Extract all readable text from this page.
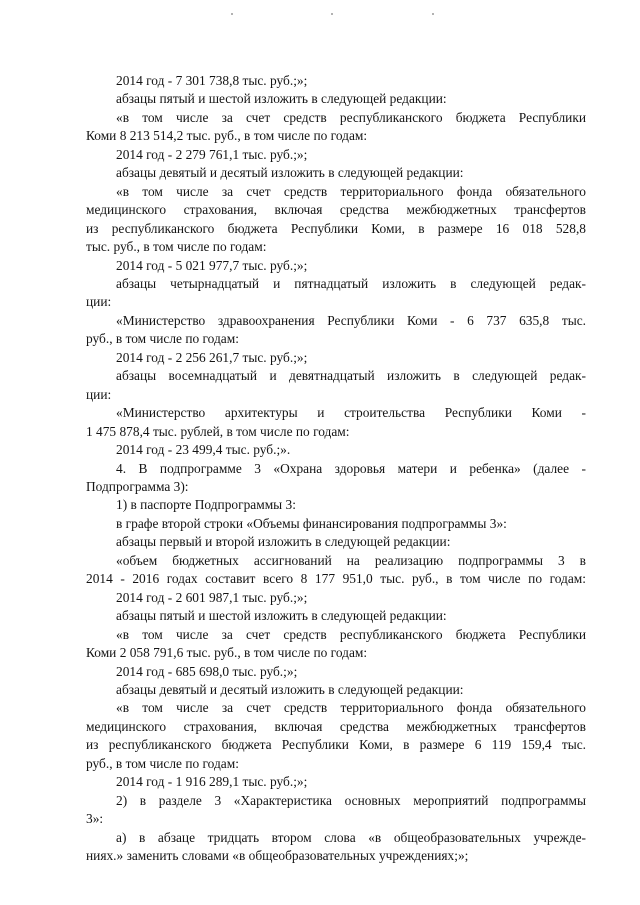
2014 год - 7 301 738,8 тыс. руб.;»;
абзацы пятый и шестой изложить в следующей редакции:
«в том числе за счет средств республиканского бюджета Республики
Коми 8 213 514,2 тыс. руб., в том числе по годам:
2014 год - 2 279 761,1 тыс. руб.;»;
абзацы девятый и десятый изложить в следующей редакции:
«в том числе за счет средств территориального фонда обязательного
медицинского страхования, включая средства межбюджетных трансфертов
из республиканского бюджета Республики Коми, в размере 16 018 528,8
тыс. руб., в том числе по годам:
2014 год - 5 021 977,7 тыс. руб.;»;
абзацы четырнадцатый и пятнадцатый изложить в следующей редак-
ции:
«Министерство здравоохранения Республики Коми - 6 737 635,8 тыс.
руб., в том числе по годам:
2014 год - 2 256 261,7 тыс. руб.;»;
абзацы восемнадцатый и девятнадцатый изложить в следующей редак-
ции:
«Министерство архитектуры и строительства Республики Коми -
1 475 878,4 тыс. рублей, в том числе по годам:
2014 год - 23 499,4 тыс. руб.;».
4. В подпрограмме 3 «Охрана здоровья матери и ребенка» (далее -
Подпрограмма 3):
1) в паспорте Подпрограммы 3:
в графе второй строки «Объемы финансирования подпрограммы 3»:
абзацы первый и второй изложить в следующей редакции:
«объем бюджетных ассигнований на реализацию подпрограммы 3 в
2014 - 2016 годах составит всего 8 177 951,0 тыс. руб., в том числе по годам:
2014 год - 2 601 987,1 тыс. руб.;»;
абзацы пятый и шестой изложить в следующей редакции:
«в том числе за счет средств республиканского бюджета Республики
Коми 2 058 791,6 тыс. руб., в том числе по годам:
2014 год - 685 698,0 тыс. руб.;»;
абзацы девятый и десятый изложить в следующей редакции:
«в том числе за счет средств территориального фонда обязательного
медицинского страхования, включая средства межбюджетных трансфертов
из республиканского бюджета Республики Коми, в размере 6 119 159,4 тыс.
руб., в том числе по годам:
2014 год - 1 916 289,1 тыс. руб.;»;
2) в разделе 3 «Характеристика основных мероприятий подпрограммы
3»:
а) в абзаце тридцать втором слова «в общеобразовательных учрежде-
ниях.» заменить словами «в общеобразовательных учреждениях;»;
